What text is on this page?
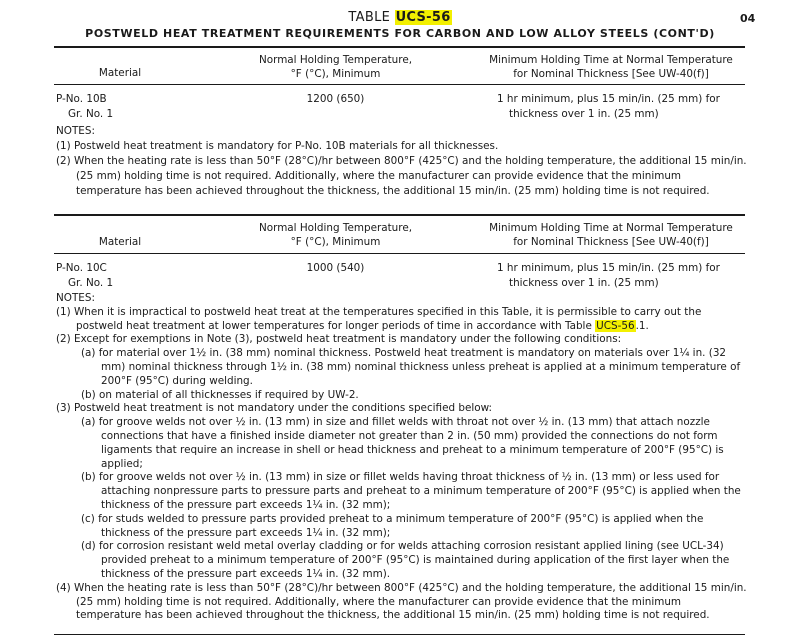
TABLE UCS-56
POSTWELD HEAT TREATMENT REQUIREMENTS FOR CARBON AND LOW ALLOY STEELS (CONT'D)
04
Material
Normal Holding Temperature,
°F (°C), Minimum
Minimum Holding Time at Normal Temperature
for Nominal Thickness [See UW-40(f)]
P-No. 10B
Gr. No. 1
1200 (650)	1 hr minimum, plus 15 min/in. (25 mm) for
thickness over 1 in. (25 mm)

NOTES:

(1) Postweld heat treatment is mandatory for P-No. 10B materials for all thicknesses.

(2) When the heating rate is less than 50°F (28°C)/hr between 800°F (425°C) and the holding temperature, the additional 15 min/in. (25 mm) holding time is not required. Additionally, where the manufacturer can provide evidence that the minimum temperature has been achieved throughout the thickness, the additional 15 min/in. (25 mm) holding time is not required.

Material
Normal Holding Temperature,
°F (°C), Minimum
Minimum Holding Time at Normal Temperature
for Nominal Thickness [See UW-40(f)]
P-No. 10C
Gr. No. 1
1000 (540)	1 hr minimum, plus 15 min/in. (25 mm) for
thickness over 1 in. (25 mm)

NOTES:

(1) When it is impractical to postweld heat treat at the temperatures specified in this Table, it is permissible to carry out the postweld heat treatment at lower temperatures for longer periods of time in accordance with Table UCS-56.1.

(2) Except for exemptions in Note (3), postweld heat treatment is mandatory under the following conditions:

(a) for material over 1½ in. (38 mm) nominal thickness. Postweld heat treatment is mandatory on materials over 1¼ in. (32 mm) nominal thickness through 1½ in. (38 mm) nominal thickness unless preheat is applied at a minimum temperature of 200°F (95°C) during welding.

(b) on material of all thicknesses if required by UW-2.

(3) Postweld heat treatment is not mandatory under the conditions specified below:

(a) for groove welds not over ½ in. (13 mm) in size and fillet welds with throat not over ½ in. (13 mm) that attach nozzle connections that have a finished inside diameter not greater than 2 in. (50 mm) provided the connections do not form ligaments that require an increase in shell or head thickness and preheat to a minimum temperature of 200°F (95°C) is applied;

(b) for groove welds not over ½ in. (13 mm) in size or fillet welds having throat thickness of ½ in. (13 mm) or less used for attaching nonpressure parts to pressure parts and preheat to a minimum temperature of 200°F (95°C) is applied when the thickness of the pressure part exceeds 1¼ in. (32 mm);

(c) for studs welded to pressure parts provided preheat to a minimum temperature of 200°F (95°C) is applied when the thickness of the pressure part exceeds 1¼ in. (32 mm);

(d) for corrosion resistant weld metal overlay cladding or for welds attaching corrosion resistant applied lining (see UCL-34) provided preheat to a minimum temperature of 200°F (95°C) is maintained during application of the first layer when the thickness of the pressure part exceeds 1¼ in. (32 mm).

(4) When the heating rate is less than 50°F (28°C)/hr between 800°F (425°C) and the holding temperature, the additional 15 min/in. (25 mm) holding time is not required. Additionally, where the manufacturer can provide evidence that the minimum temperature has been achieved throughout the thickness, the additional 15 min/in. (25 mm) holding time is not required.
